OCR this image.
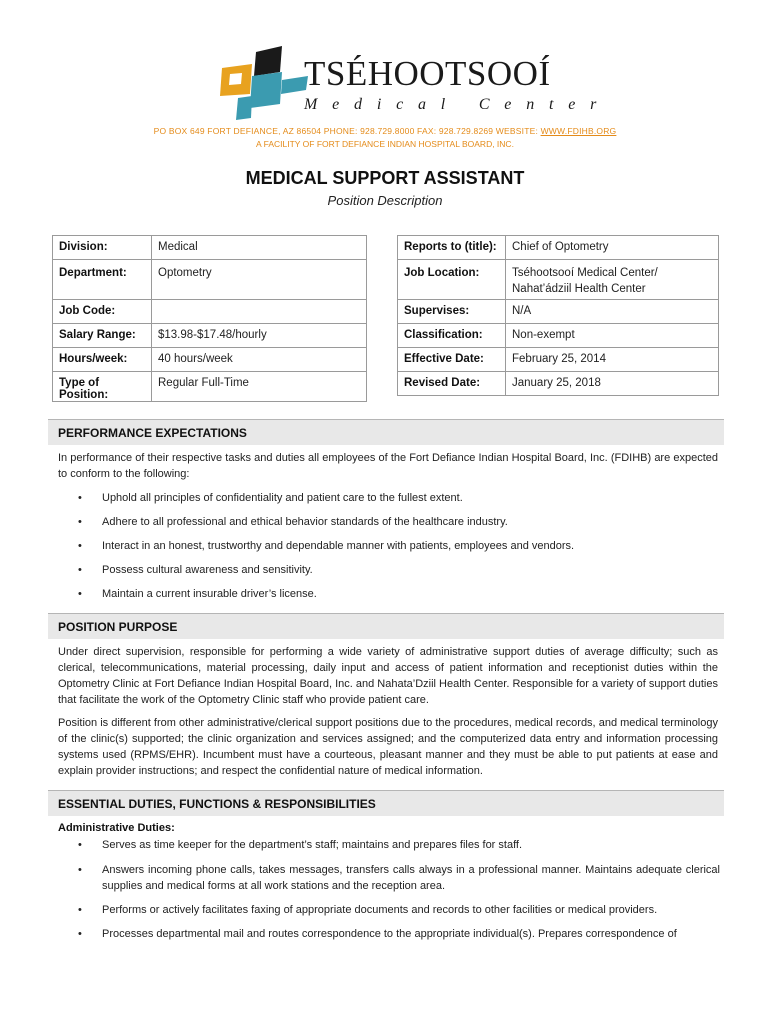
TSÉHOOTSOOÍ
Medical Center
PO BOX 649 FORT DEFIANCE, AZ 86504 PHONE: 928.729.8000 FAX: 928.729.8269 WEBSITE: WWW.FDIHB.ORG
A FACILITY OF FORT DEFIANCE INDIAN HOSPITAL BOARD, INC.
MEDICAL SUPPORT ASSISTANT
Position Description
Division:	Medical
Department:	Optometry
Job Code:	
Salary Range:	$13.98-$17.48/hourly
Hours/week:	40 hours/week
Type of Position:	Regular Full-Time
Reports to (title):	Chief of Optometry
Job Location:	Tséhootsooí Medical Center/
Nahat’ádziil Health Center
Supervises:	N/A
Classification:	Non-exempt
Effective Date:	February 25, 2014
Revised Date:	January 25, 2018
PERFORMANCE EXPECTATIONS
In performance of their respective tasks and duties all employees of the Fort Defiance Indian Hospital Board, Inc. (FDIHB) are expected to conform to the following:
• Uphold all principles of confidentiality and patient care to the fullest extent.
• Adhere to all professional and ethical behavior standards of the healthcare industry.
• Interact in an honest, trustworthy and dependable manner with patients, employees and vendors.
• Possess cultural awareness and sensitivity.
• Maintain a current insurable driver’s license.
POSITION PURPOSE
Under direct supervision, responsible for performing a wide variety of administrative support duties of average difficulty; such as clerical, telecommunications, material processing, daily input and access of patient information and receptionist duties within the Optometry Clinic at Fort Defiance Indian Hospital Board, Inc. and Nahata’Dziil Health Center. Responsible for a variety of support duties that facilitate the work of the Optometry Clinic staff who provide patient care.
Position is different from other administrative/clerical support positions due to the procedures, medical records, and medical terminology of the clinic(s) supported; the clinic organization and services assigned; and the computerized data entry and information processing systems used (RPMS/EHR). Incumbent must have a courteous, pleasant manner and they must be able to put patients at ease and explain provider instructions; and respect the confidential nature of medical information.
ESSENTIAL DUTIES, FUNCTIONS & RESPONSIBILITIES
Administrative Duties:
• Serves as time keeper for the department’s staff; maintains and prepares files for staff.
• Answers incoming phone calls, takes messages, transfers calls always in a professional manner. Maintains adequate clerical supplies and medical forms at all work stations and the reception area.
• Performs or actively facilitates faxing of appropriate documents and records to other facilities or medical providers.
• Processes departmental mail and routes correspondence to the appropriate individual(s). Prepares correspondence of
